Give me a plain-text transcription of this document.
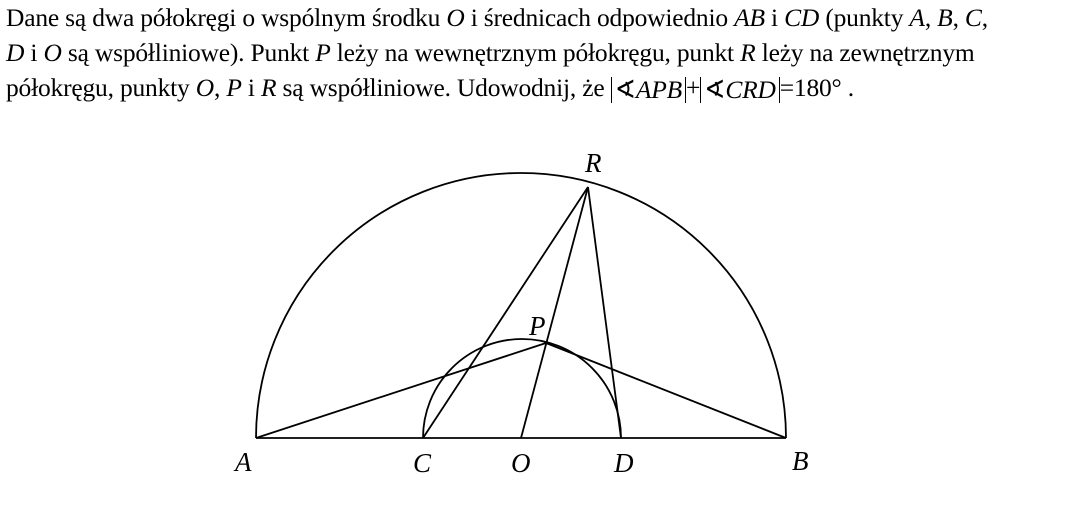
Dane są dwa półokręgi o wspólnym środku O i średnicach odpowiednio AB i CD (punkty A, B, C,
D i O są współliniowe). Punkt P leży na wewnętrznym półokręgu, punkt R leży na zewnętrznym
półokręgu, punkty O, P i R są współliniowe. Udowodnij, że ∢APB + ∢CRD =180° .
R
P
A	C	O	D	B
